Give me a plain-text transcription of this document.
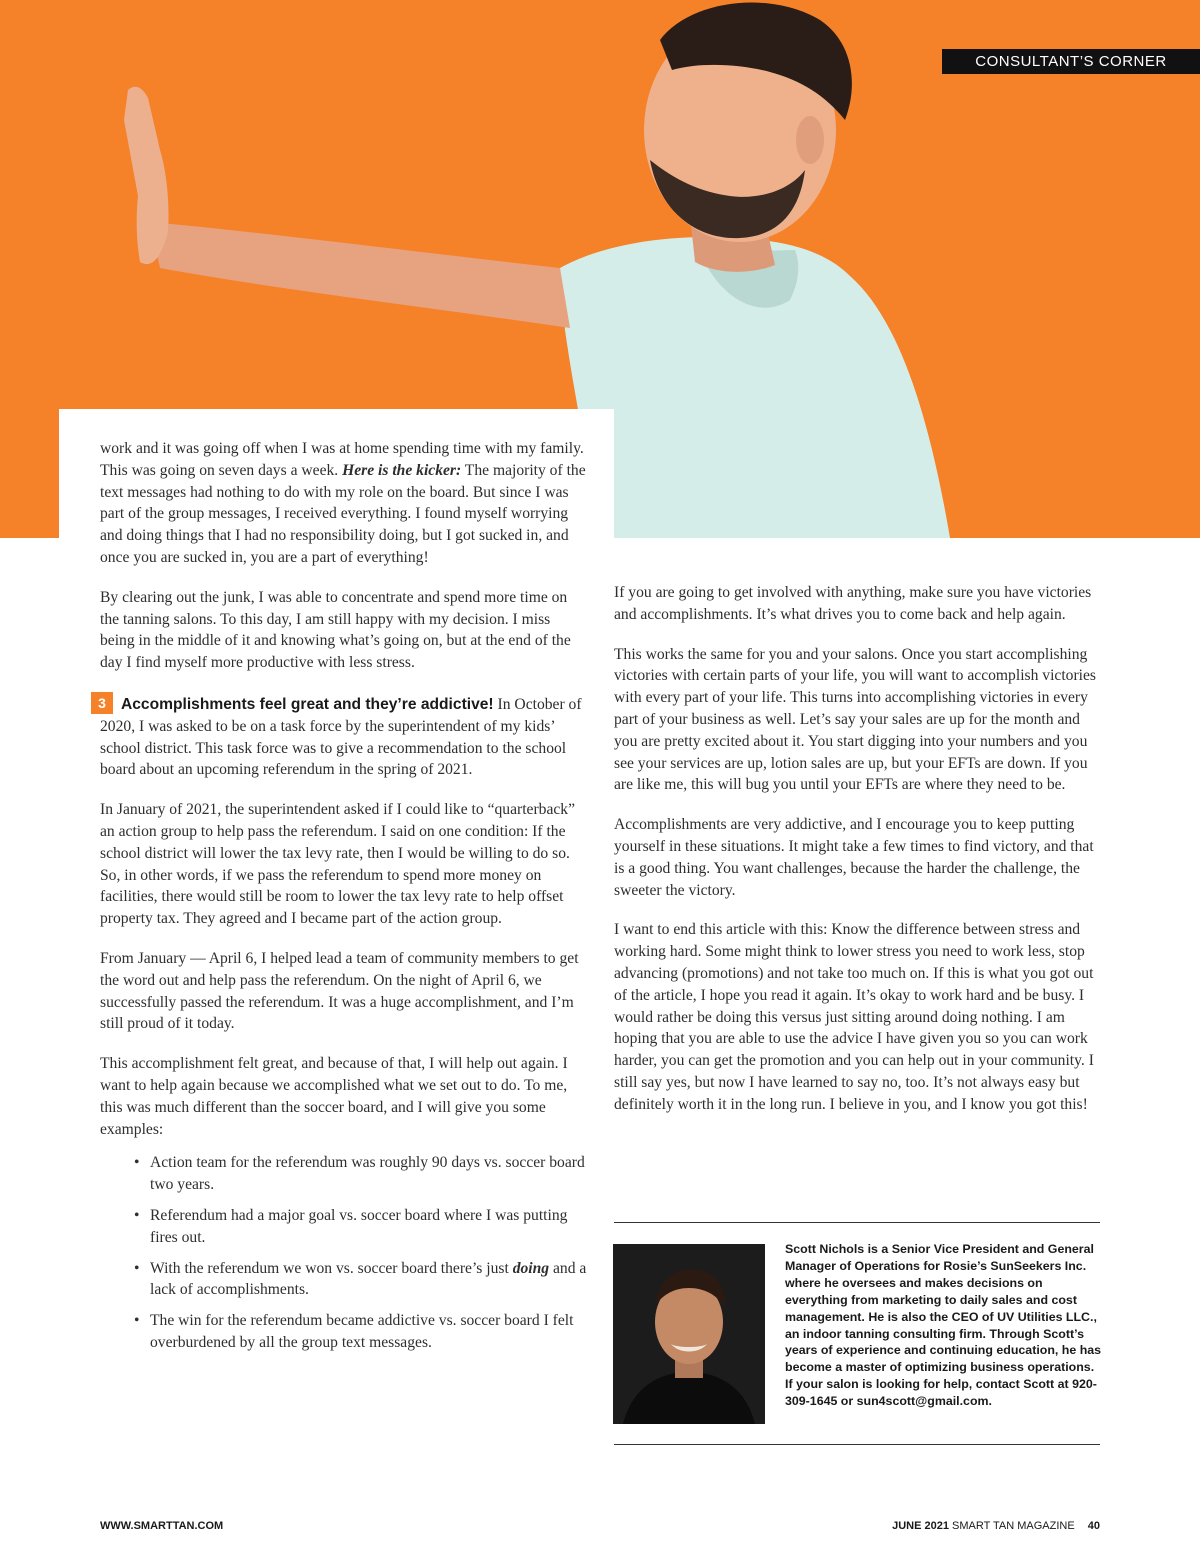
CONSULTANT’S CORNER

work and it was going off when I was at home spending time with my family. This was going on seven days a week. Here is the kicker: The majority of the text messages had nothing to do with my role on the board. But since I was part of the group messages, I received everything. I found myself worrying and doing things that I had no responsibility doing, but I got sucked in, and once you are sucked in, you are a part of everything!

By clearing out the junk, I was able to concentrate and spend more time on the tanning salons. To this day, I am still happy with my decision. I miss being in the middle of it and knowing what’s going on, but at the end of the day I find myself more productive with less stress.

3 Accomplishments feel great and they’re addictive! In October of 2020, I was asked to be on a task force by the superintendent of my kids’ school district. This task force was to give a recommendation to the school board about an upcoming referendum in the spring of 2021.

In January of 2021, the superintendent asked if I could like to “quarterback” an action group to help pass the referendum. I said on one condition: If the school district will lower the tax levy rate, then I would be willing to do so. So, in other words, if we pass the referendum to spend more money on facilities, there would still be room to lower the tax levy rate to help offset property tax. They agreed and I became part of the action group.

From January — April 6, I helped lead a team of community members to get the word out and help pass the referendum. On the night of April 6, we successfully passed the referendum. It was a huge accomplishment, and I’m still proud of it today.

This accomplishment felt great, and because of that, I will help out again. I want to help again because we accomplished what we set out to do. To me, this was much different than the soccer board, and I will give you some examples:

• Action team for the referendum was roughly 90 days vs. soccer board two years.
• Referendum had a major goal vs. soccer board where I was putting fires out.
• With the referendum we won vs. soccer board there’s just doing and a lack of accomplishments.
• The win for the referendum became addictive vs. soccer board I felt overburdened by all the group text messages.

If you are going to get involved with anything, make sure you have victories and accomplishments. It’s what drives you to come back and help again.

This works the same for you and your salons. Once you start accomplishing victories with certain parts of your life, you will want to accomplish victories with every part of your life. This turns into accomplishing victories in every part of your business as well. Let’s say your sales are up for the month and you are pretty excited about it. You start digging into your numbers and you see your services are up, lotion sales are up, but your EFTs are down. If you are like me, this will bug you until your EFTs are where they need to be.

Accomplishments are very addictive, and I encourage you to keep putting yourself in these situations. It might take a few times to find victory, and that is a good thing. You want challenges, because the harder the challenge, the sweeter the victory.

I want to end this article with this: Know the difference between stress and working hard. Some might think to lower stress you need to work less, stop advancing (promotions) and not take too much on. If this is what you got out of the article, I hope you read it again. It’s okay to work hard and be busy. I would rather be doing this versus just sitting around doing nothing. I am hoping that you are able to use the advice I have given you so you can work harder, you can get the promotion and you can help out in your community. I still say yes, but now I have learned to say no, too. It’s not always easy but definitely worth it in the long run. I believe in you, and I know you got this!

Scott Nichols is a Senior Vice President and General Manager of Operations for Rosie’s SunSeekers Inc. where he oversees and makes decisions on everything from marketing to daily sales and cost management. He is also the CEO of UV Utilities LLC., an indoor tanning consulting firm. Through Scott’s years of experience and continuing education, he has become a master of optimizing business operations. If your salon is looking for help, contact Scott at 920-309-1645 or sun4scott@gmail.com.
WWW.SMARTTAN.COM	JUNE 2021 SMART TAN MAGAZINE 40
